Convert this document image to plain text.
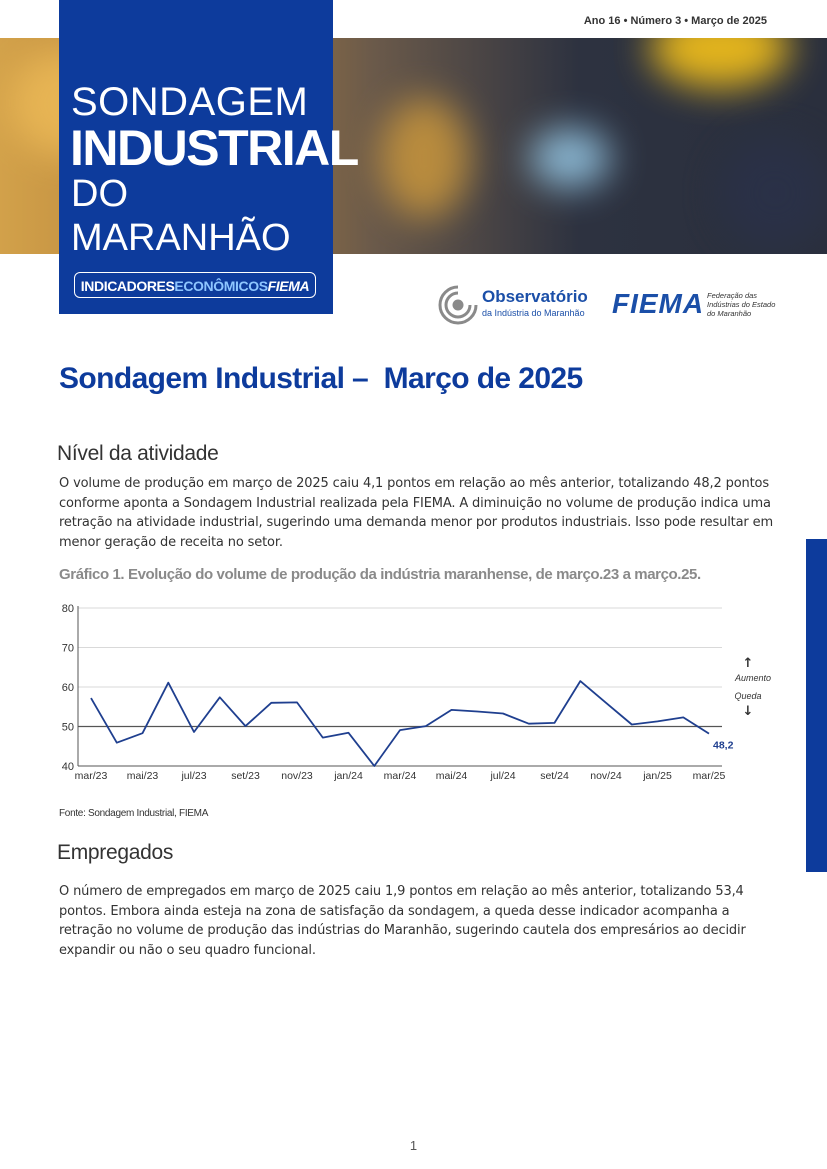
Ano 16 • Número 3 • Março de 2025
SONDAGEM
INDUSTRIAL
DO MARANHÃO
INDICADORESECONÔMICOSFIEMA
Observatório
da Indústria do Maranhão FIEMA Federação das Indústrias do Estado do Maranhão
Sondagem Industrial –  Março de 2025
Nível da atividade

O volume de produção em março de 2025 caiu 4,1 pontos em relação ao mês anterior, totalizando 48,2 pontos conforme aponta a Sondagem Industrial realizada pela FIEMA. A diminuição no volume de produção indica uma retração na atividade industrial, sugerindo uma demanda menor por produtos industriais. Isso pode resultar em menor geração de receita no setor.

Gráfico 1. Evolução do volume de produção da indústria maranhense, de março.23 a março.25.
40
50
60
70
80
mar/23 mai/23 jul/23 set/23 nov/23 jan/24 mar/24 mai/24 jul/24 set/24 nov/24 jan/25 mar/25
48,2
↑
Aumento
Queda
↓
Fonte: Sondagem Industrial, FIEMA
Empregados

O número de empregados em março de 2025 caiu 1,9 pontos em relação ao mês anterior, totalizando 53,4 pontos. Embora ainda esteja na zona de satisfação da sondagem, a queda desse indicador acompanha a retração no volume de produção das indústrias do Maranhão, sugerindo cautela dos empresários ao decidir expandir ou não o seu quadro funcional.

1
